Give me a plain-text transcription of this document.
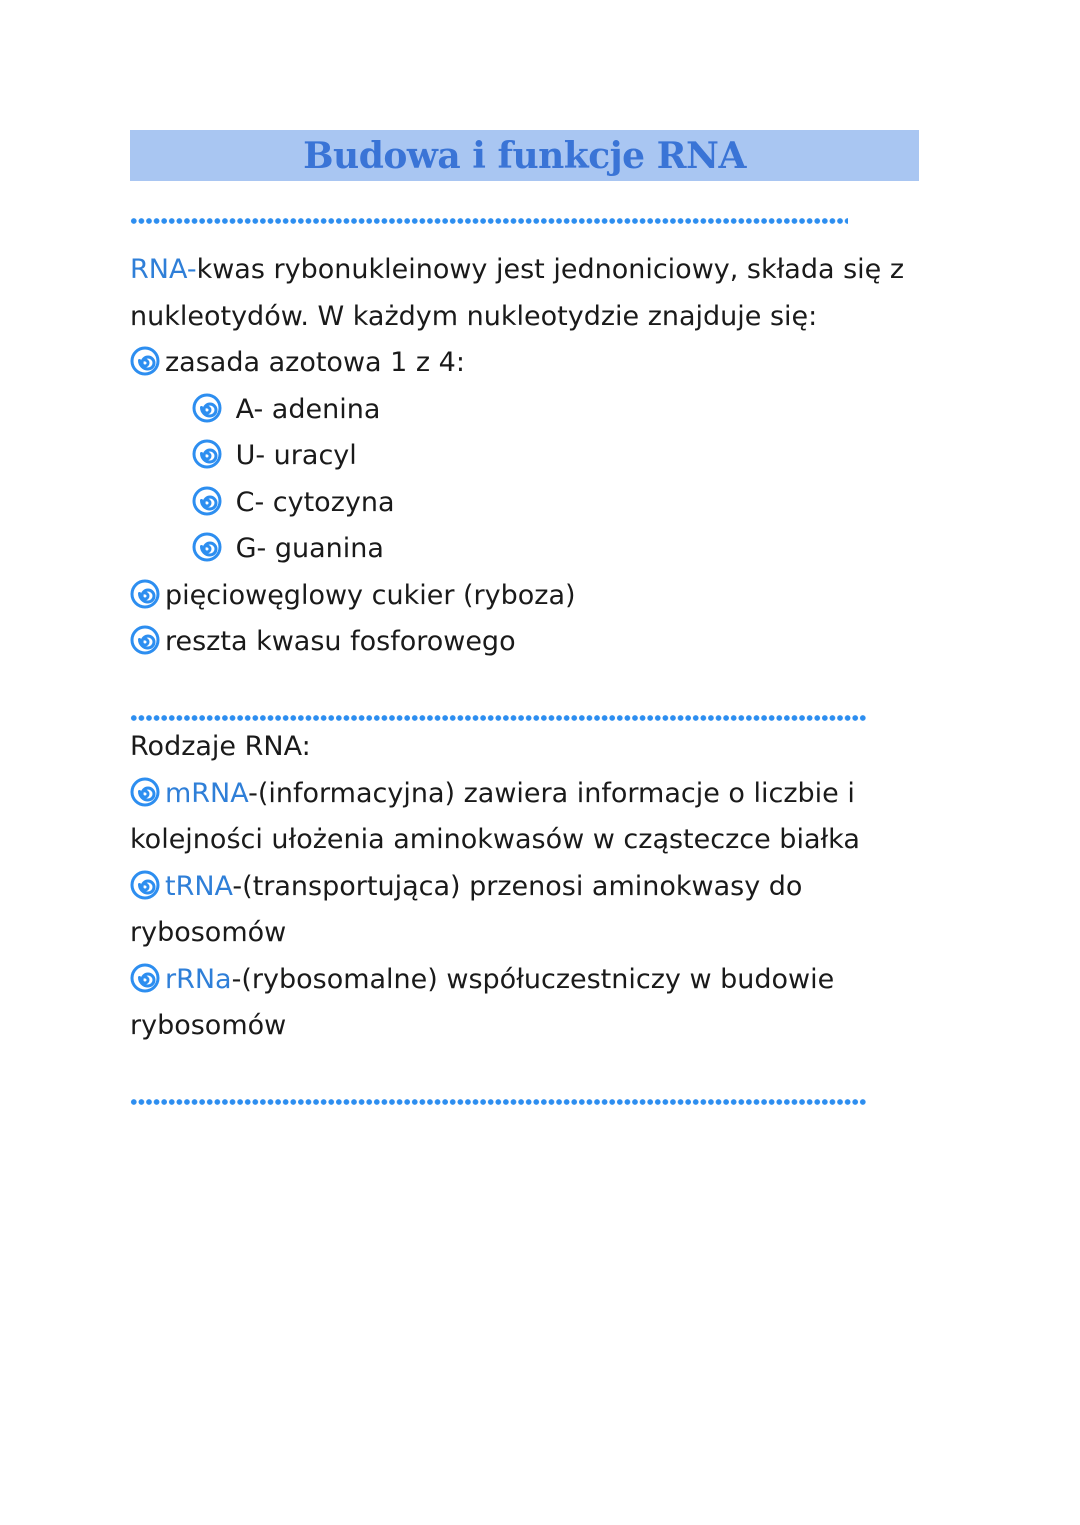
Budowa i funkcje RNA
RNA-kwas rybonukleinowy jest jednoniciowy, składa się z
nukleotydów. W każdym nukleotydzie znajduje się:
zasada azotowa 1 z 4:
A- adenina
U- uracyl
C- cytozyna
G- guanina
pięciowęglowy cukier (ryboza)
reszta kwasu fosforowego
Rodzaje RNA:
mRNA-(informacyjna) zawiera informacje o liczbie i
kolejności ułożenia aminokwasów w cząsteczce białka
tRNA-(transportująca) przenosi aminokwasy do
rybosomów
rRNa-(rybosomalne) współuczestniczy w budowie
rybosomów
